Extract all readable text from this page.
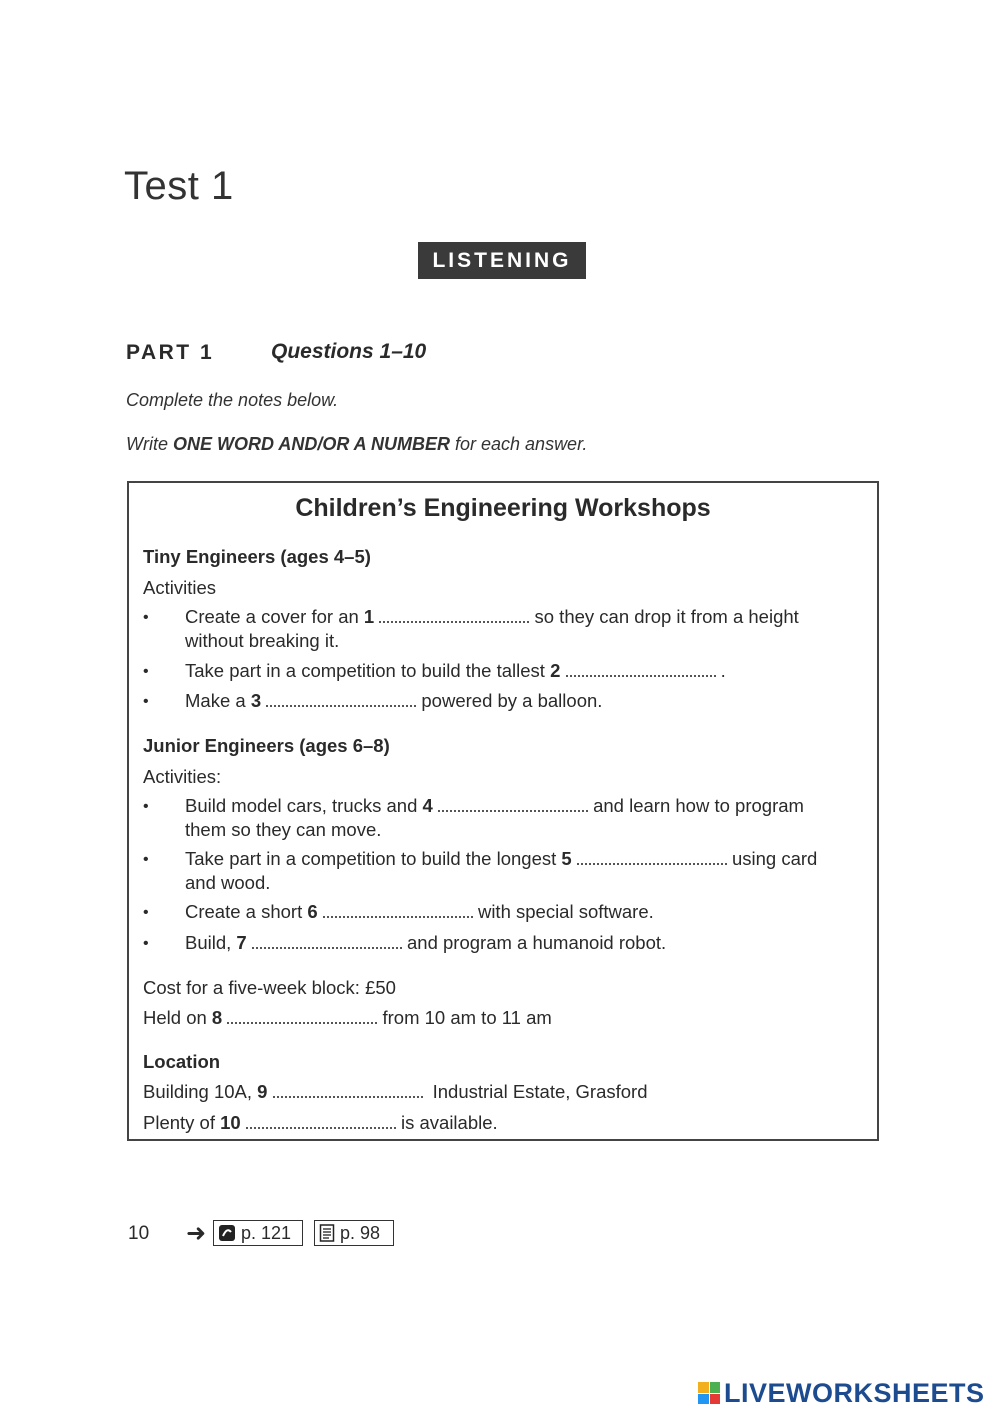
Test 1
LISTENING
PART 1	Questions 1–10
Complete the notes below.
Write ONE WORD AND/OR A NUMBER for each answer.
Children’s Engineering Workshops
Tiny Engineers (ages 4–5)
Activities
• Create a cover for an 1	so they can drop it from a height
without breaking it.
• Take part in a competition to build the tallest 2	.
• Make a 3	powered by a balloon.
Junior Engineers (ages 6–8)
Activities:
• Build model cars, trucks and 4	and learn how to program
them so they can move.
• Take part in a competition to build the longest 5	using card
and wood.
• Create a short 6	with special software.
• Build, 7	and program a humanoid robot.
Cost for a five-week block: £50
Held on 8	from 10 am to 11 am
Location
Building 10A, 9	Industrial Estate, Grasford
Plenty of 10	is available.
10 ➜	p. 121	p. 98
LIVEWORKSHEETS
